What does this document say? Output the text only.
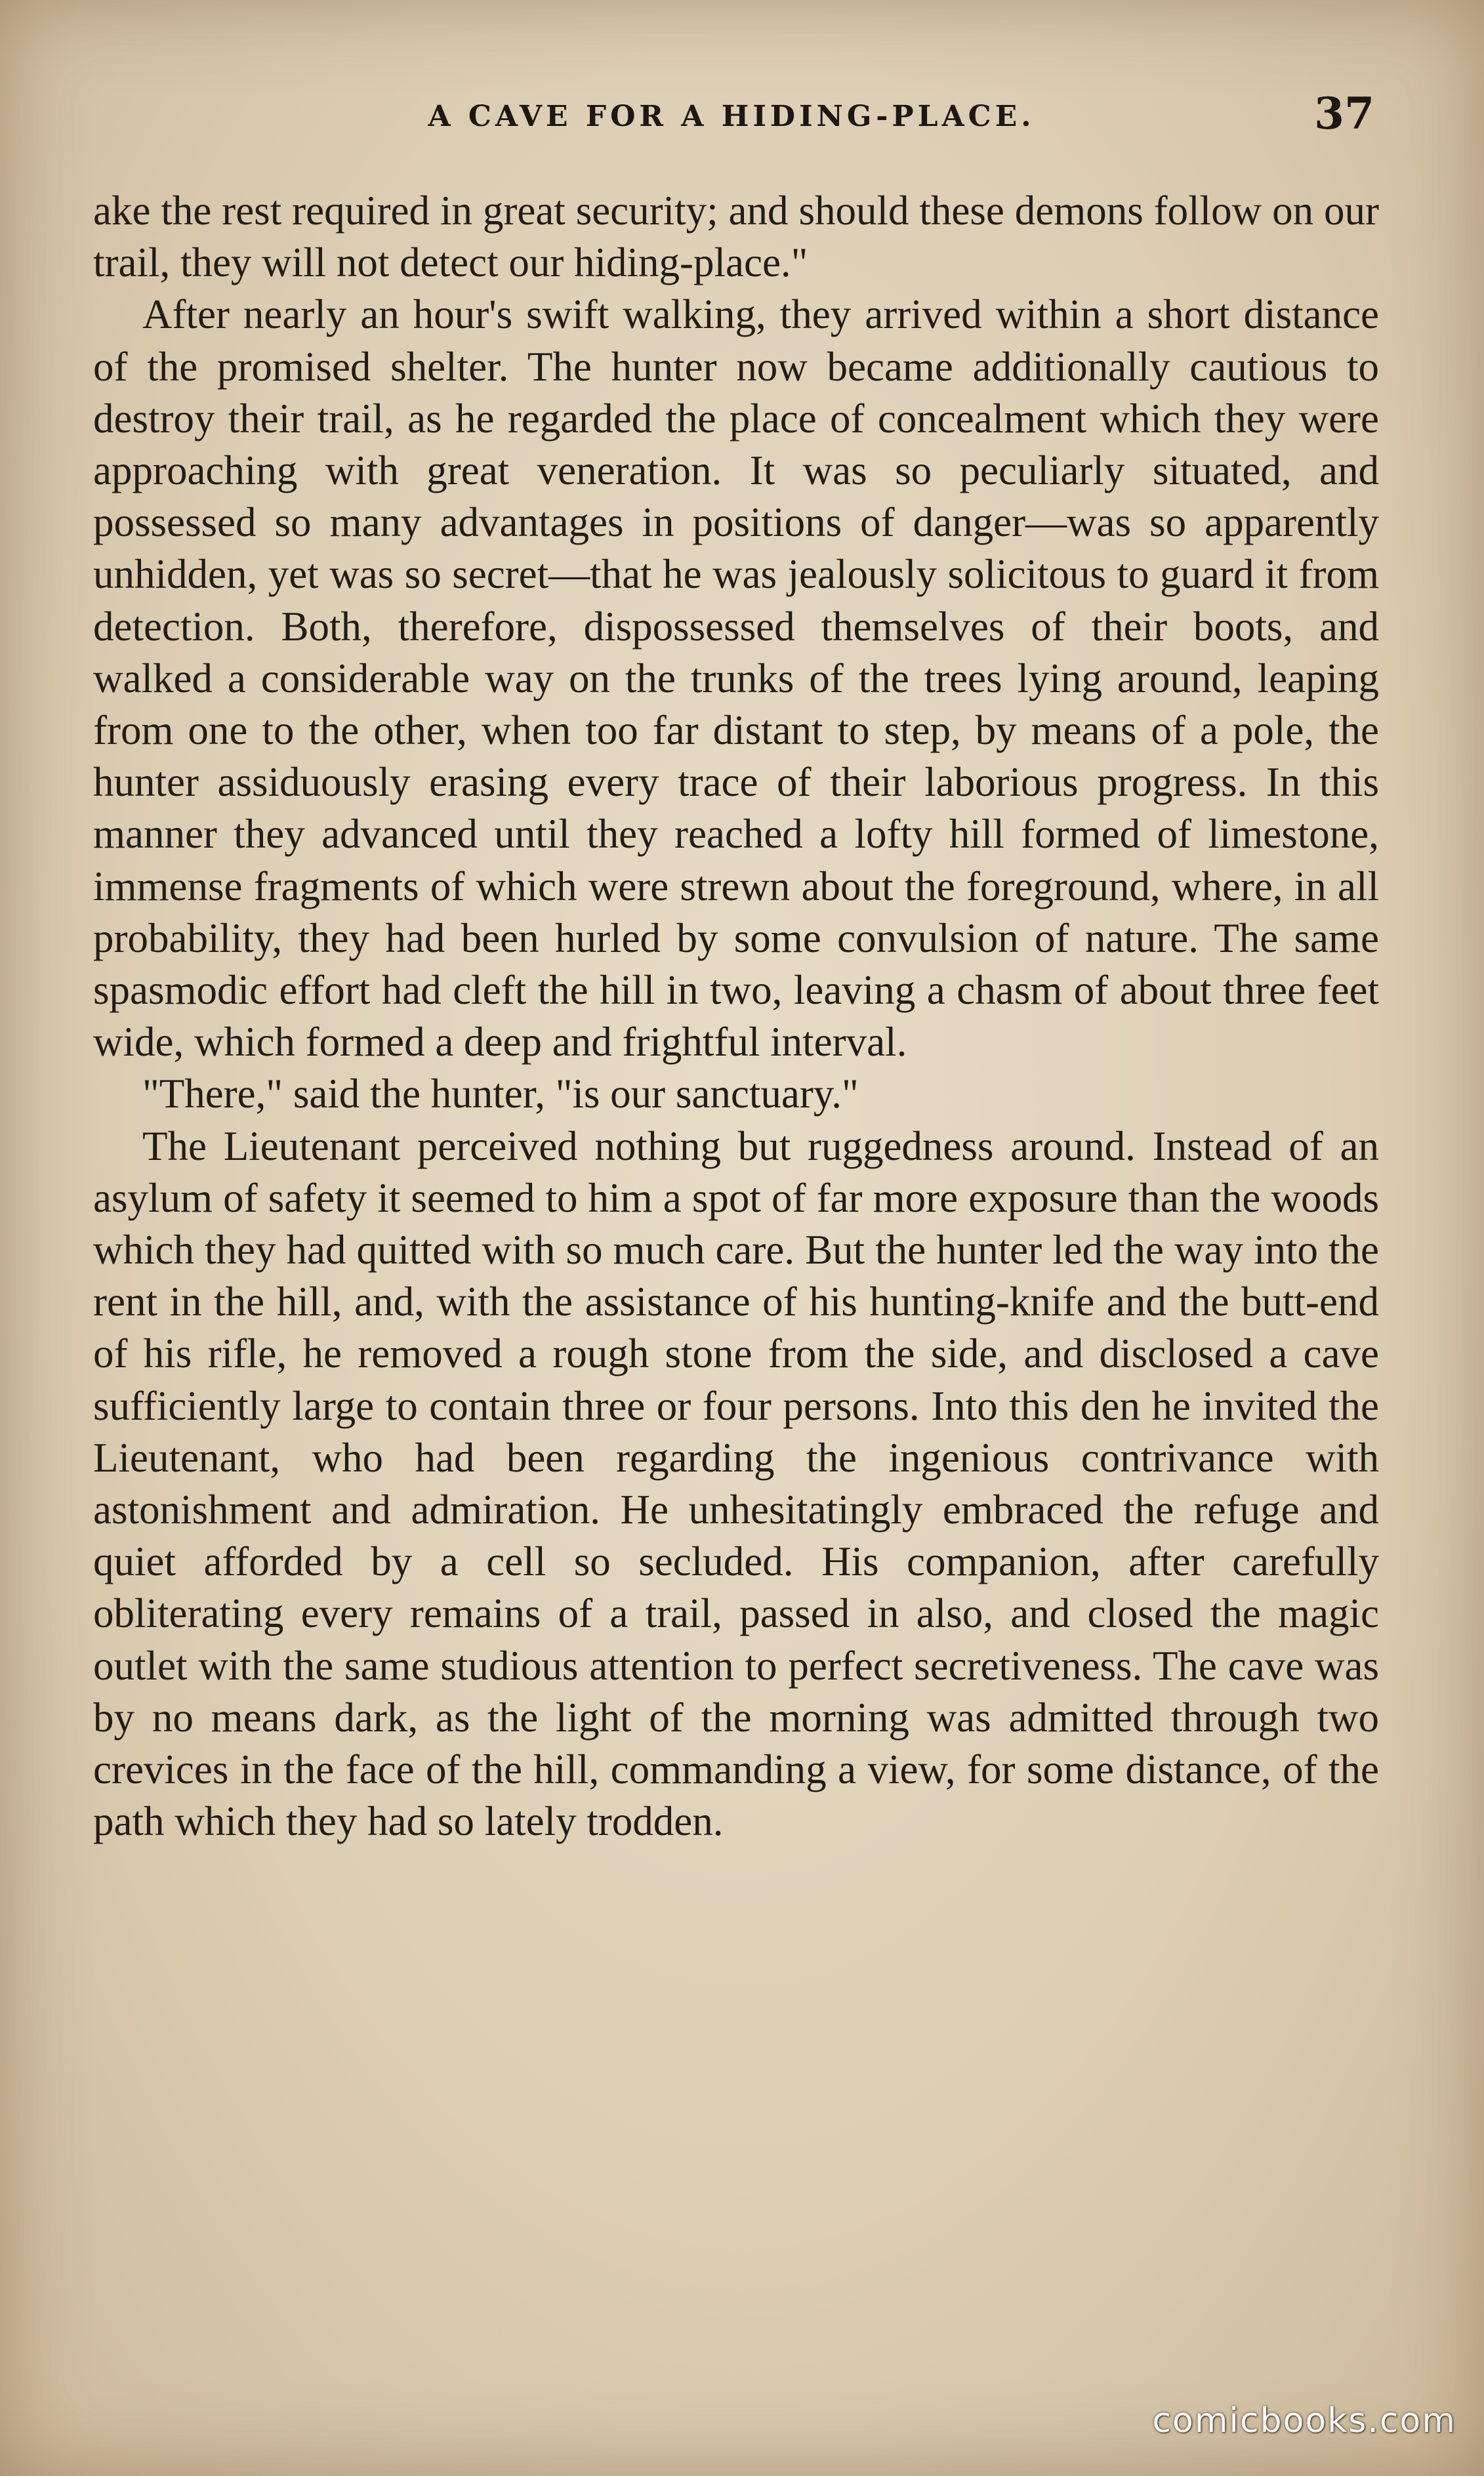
A CAVE FOR A HIDING-PLACE.	37

ake the rest required in great security; and should these demons follow on our trail, they will not detect our hiding-place."

After nearly an hour's swift walking, they arrived within a short distance of the promised shelter. The hunter now became additionally cautious to destroy their trail, as he regarded the place of concealment which they were approaching with great veneration. It was so peculiarly situated, and possessed so many advantages in positions of danger—was so apparently unhidden, yet was so secret—that he was jealously solicitous to guard it from detection. Both, therefore, dispossessed themselves of their boots, and walked a considerable way on the trunks of the trees lying around, leaping from one to the other, when too far distant to step, by means of a pole, the hunter assiduously erasing every trace of their laborious progress. In this manner they advanced until they reached a lofty hill formed of limestone, immense fragments of which were strewn about the foreground, where, in all probability, they had been hurled by some convulsion of nature. The same spasmodic effort had cleft the hill in two, leaving a chasm of about three feet wide, which formed a deep and frightful interval.

"There," said the hunter, "is our sanctuary."

The Lieutenant perceived nothing but ruggedness around. Instead of an asylum of safety it seemed to him a spot of far more exposure than the woods which they had quitted with so much care. But the hunter led the way into the rent in the hill, and, with the assistance of his hunting-knife and the butt-end of his rifle, he removed a rough stone from the side, and disclosed a cave sufficiently large to contain three or four persons. Into this den he invited the Lieutenant, who had been regarding the ingenious contrivance with astonishment and admiration. He unhesitatingly embraced the refuge and quiet afforded by a cell so secluded. His companion, after carefully obliterating every remains of a trail, passed in also, and closed the magic outlet with the same studious attention to perfect secretiveness. The cave was by no means dark, as the light of the morning was admitted through two crevices in the face of the hill, commanding a view, for some distance, of the path which they had so lately trodden.

comicbooks.com
